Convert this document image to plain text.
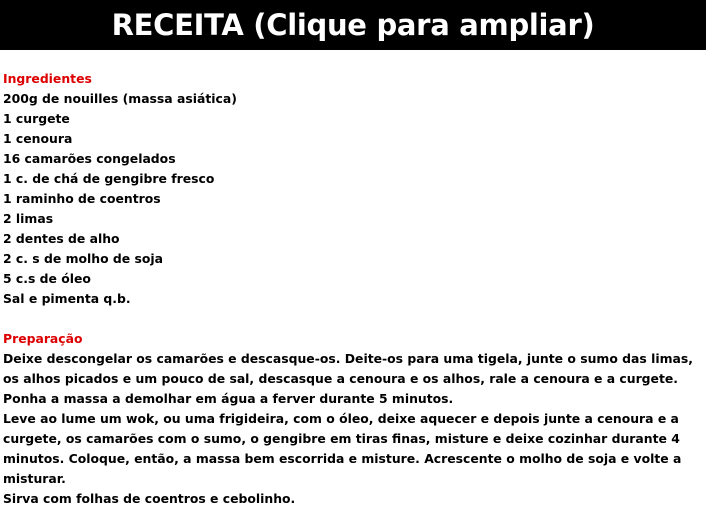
RECEITA (Clique para ampliar)
Ingredientes
200g de nouilles (massa asiática)
1 curgete
1 cenoura
16 camarões congelados
1 c. de chá de gengibre fresco
1 raminho de coentros
2 limas
2 dentes de alho
2 c. s de molho de soja
5 c.s de óleo
Sal e pimenta q.b.
Preparação
Deixe descongelar os camarões e descasque-os. Deite-os para uma tigela, junte o sumo das limas, os alhos picados e um pouco de sal, descasque a cenoura e os alhos, rale a cenoura e a curgete.
Ponha a massa a demolhar em água a ferver durante 5 minutos.
Leve ao lume um wok, ou uma frigideira, com o óleo, deixe aquecer e depois junte a cenoura e a curgete, os camarões com o sumo, o gengibre em tiras finas, misture e deixe cozinhar durante 4 minutos. Coloque, então, a massa bem escorrida e misture. Acrescente o molho de soja e volte a misturar.
Sirva com folhas de coentros e cebolinho.
